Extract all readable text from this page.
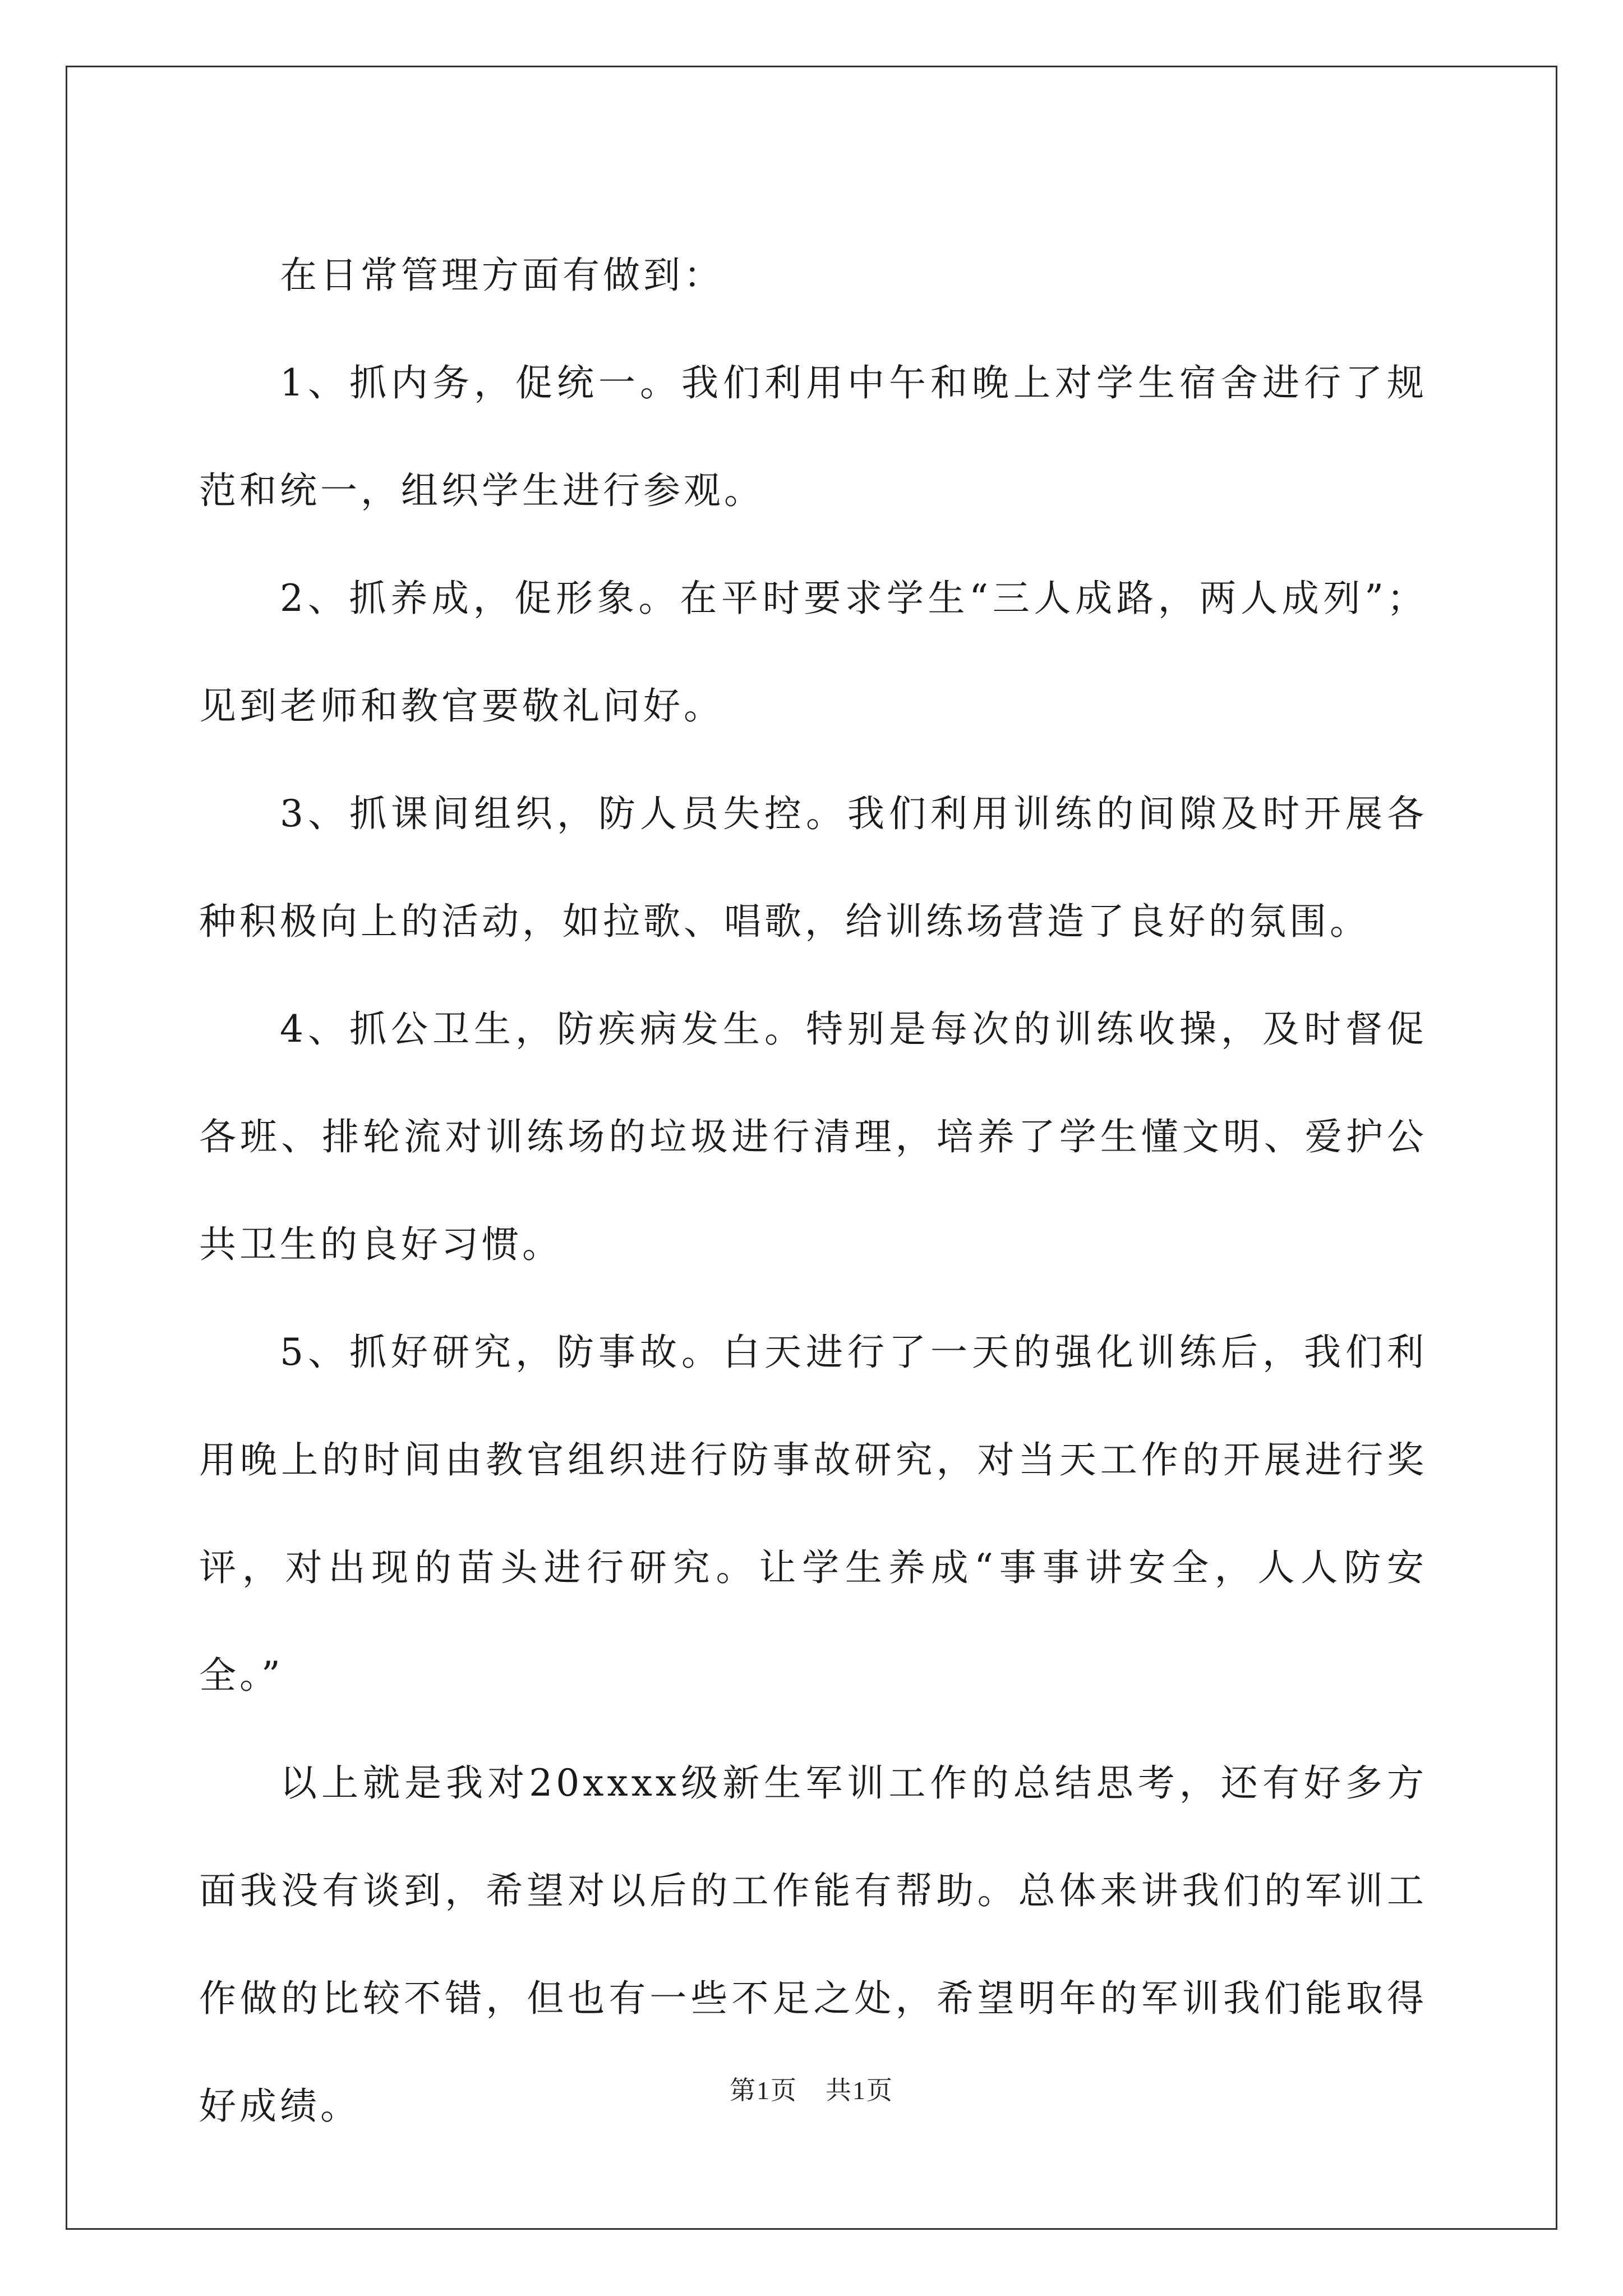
在日常管理方面有做到：

1、抓内务，促统一。我们利用中午和晚上对学生宿舍进行了规范和统一，组织学生进行参观。

2、抓养成，促形象。在平时要求学生“三人成路，两人成列”；见到老师和教官要敬礼问好。

3、抓课间组织，防人员失控。我们利用训练的间隙及时开展各种积极向上的活动，如拉歌、唱歌，给训练场营造了良好的氛围。

4、抓公卫生，防疾病发生。特别是每次的训练收操，及时督促各班、排轮流对训练场的垃圾进行清理，培养了学生懂文明、爱护公共卫生的良好习惯。

5、抓好研究，防事故。白天进行了一天的强化训练后，我们利用晚上的时间由教官组织进行防事故研究，对当天工作的开展进行奖评，对出现的苗头进行研究。让学生养成“事事讲安全，人人防安全。”

以上就是我对20xxxx级新生军训工作的总结思考，还有好多方面我没有谈到，希望对以后的工作能有帮助。总体来讲我们的军训工作做的比较不错，但也有一些不足之处，希望明年的军训我们能取得好成绩。	第1页 共1页
